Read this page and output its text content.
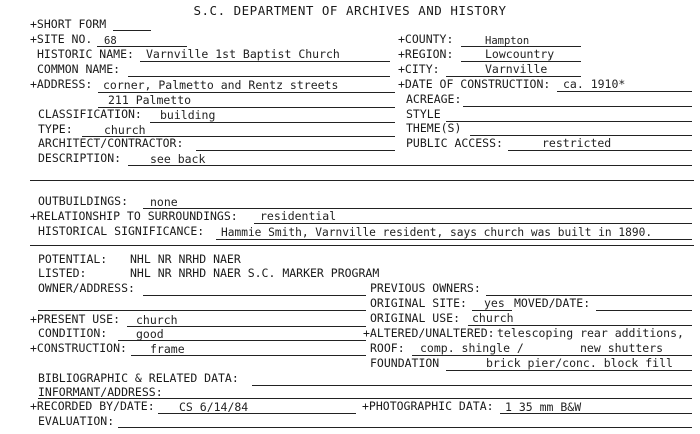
S.C. DEPARTMENT OF ARCHIVES AND HISTORY
+SHORT FORM
+SITE NO. 68	+COUNTY:	Hampton
HISTORIC NAME: Varnville 1st Baptist Church	+REGION:	Lowcountry
COMMON NAME:	+CITY:	Varnville
+ADDRESS: corner, Palmetto and Rentz streets	+DATE OF CONSTRUCTION: ca. 1910*
211 Palmetto	ACREAGE:
CLASSIFICATION: building	STYLE
TYPE:	church	THEME(S)
ARCHITECT/CONTRACTOR:	PUBLIC ACCESS:	restricted
DESCRIPTION:	see back
OUTBUILDINGS: none
+RELATIONSHIP TO SURROUNDINGS: residential
HISTORICAL SIGNIFICANCE: Hammie Smith, Varnville resident, says church was built in 1890.
POTENTIAL: NHL NR NRHD NAER
LISTED:	NHL NR NRHD NAER S.C. MARKER PROGRAM
OWNER/ADDRESS:	PREVIOUS OWNERS:
ORIGINAL SITE: yes MOVED/DATE:
+PRESENT USE: church	ORIGINAL USE: church
CONDITION:	good	+ALTERED/UNALTERED: telescoping rear additions,
+CONSTRUCTION: frame	ROOF: comp. shingle /	new shutters
FOUNDATION	brick pier/conc. block fill
BIBLIOGRAPHIC & RELATED DATA:
INFORMANT/ADDRESS:
+RECORDED BY/DATE: CS 6/14/84	+PHOTOGRAPHIC DATA: 1 35 mm B&W
EVALUATION:
